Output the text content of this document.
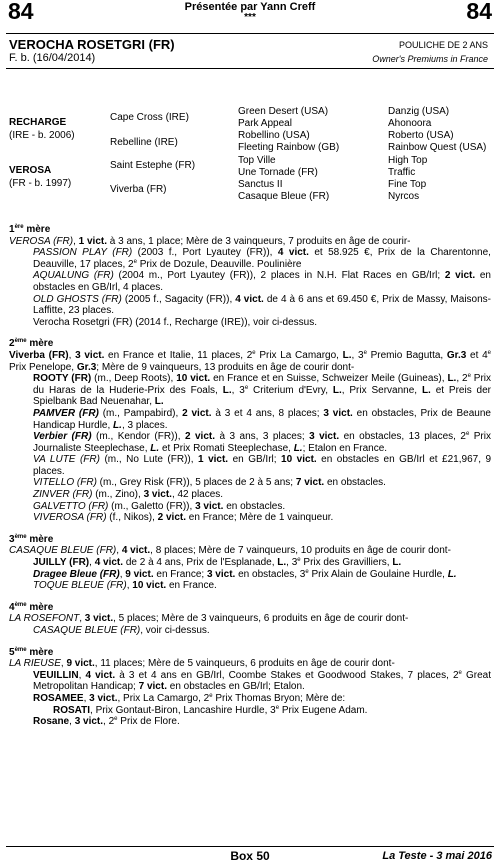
84	84
Présentée par Yann Creff
***
VEROCHA ROSETGRI (FR)
F. b. (16/04/2014)
POULICHE DE 2 ANS
Owner's Premiums in France
RECHARGE
(IRE - b. 2006)
VEROSA
(FR - b. 1997)
Cape Cross (IRE)
Rebelline (IRE)
Saint Estephe (FR)
Viverba (FR)
Green Desert (USA)
Park Appeal
Robellino (USA)
Fleeting Rainbow (GB)
Top Ville
Une Tornade (FR)
Sanctus II
Casaque Bleue (FR)
Danzig (USA)
Ahonoora
Roberto (USA)
Rainbow Quest (USA)
High Top
Traffic
Fine Top
Nyrcos

1ère mère

VEROSA (FR), 1 vict. à 3 ans, 1 place; Mère de 3 vainqueurs, 7 produits en âge de courir-

PASSION PLAY (FR) (2003 f., Port Lyautey (FR)), 4 vict. et 58.925 €, Prix de la Charentonne, Deauville, 17 places, 2e Prix de Dozule, Deauville. Poulinière

AQUALUNG (FR) (2004 m., Port Lyautey (FR)), 2 places in N.H. Flat Races en GB/Irl; 2 vict. en obstacles en GB/Irl, 4 places.

OLD GHOSTS (FR) (2005 f., Sagacity (FR)), 4 vict. de 4 à 6 ans et 69.450 €, Prix de Massy, Maisons-Laffitte, 23 places.

Verocha Rosetgri (FR) (2014 f., Recharge (IRE)), voir ci-dessus.

2ème mère

Viverba (FR), 3 vict. en France et Italie, 11 places, 2e Prix La Camargo, L., 3e Premio Bagutta, Gr.3 et 4e Prix Penelope, Gr.3; Mère de 9 vainqueurs, 13 produits en âge de courir dont-

ROOTY (FR) (m., Deep Roots), 10 vict. en France et en Suisse, Schweizer Meile (Guineas), L., 2e Prix du Haras de la Huderie-Prix des Foals, L., 3e Criterium d'Evry, L., Prix Servanne, L. et Preis der Spielbank Bad Neuenahar, L.

PAMVER (FR) (m., Pampabird), 2 vict. à 3 et 4 ans, 8 places; 3 vict. en obstacles, Prix de Beaune Handicap Hurdle, L., 3 places.

Verbier (FR) (m., Kendor (FR)), 2 vict. à 3 ans, 3 places; 3 vict. en obstacles, 13 places, 2e Prix Journaliste Steeplechase, L. et Prix Romati Steeplechase, L.; Etalon en France.

VA LUTE (FR) (m., No Lute (FR)), 1 vict. en GB/Irl; 10 vict. en obstacles en GB/Irl et £21,967, 9 places.

VITELLO (FR) (m., Grey Risk (FR)), 5 places de 2 à 5 ans; 7 vict. en obstacles.

ZINVER (FR) (m., Zino), 3 vict., 42 places.

GALVETTO (FR) (m., Galetto (FR)), 3 vict. en obstacles.

VIVEROSA (FR) (f., Nikos), 2 vict. en France; Mère de 1 vainqueur.

3ème mère

CASAQUE BLEUE (FR), 4 vict., 8 places; Mère de 7 vainqueurs, 10 produits en âge de courir dont-

JUILLY (FR), 4 vict. de 2 à 4 ans, Prix de l'Esplanade, L., 3e Prix des Gravilliers, L.

Dragee Bleue (FR), 9 vict. en France; 3 vict. en obstacles, 3e Prix Alain de Goulaine Hurdle, L.

TOQUE BLEUE (FR), 10 vict. en France.

4ème mère

LA ROSEFONT, 3 vict., 5 places; Mère de 3 vainqueurs, 6 produits en âge de courir dont-

CASAQUE BLEUE (FR), voir ci-dessus.

5ème mère

LA RIEUSE, 9 vict., 11 places; Mère de 5 vainqueurs, 6 produits en âge de courir dont-

VEUILLIN, 4 vict. à 3 et 4 ans en GB/Irl, Coombe Stakes et Goodwood Stakes, 7 places, 2e Great Metropolitan Handicap; 7 vict. en obstacles en GB/Irl; Etalon.

ROSAMEE, 3 vict., Prix La Camargo, 2e Prix Thomas Bryon; Mère de:

ROSATI, Prix Gontaut-Biron, Lancashire Hurdle, 3e Prix Eugene Adam.

Rosane, 3 vict., 2e Prix de Flore.

Box 50	La Teste - 3 mai 2016
